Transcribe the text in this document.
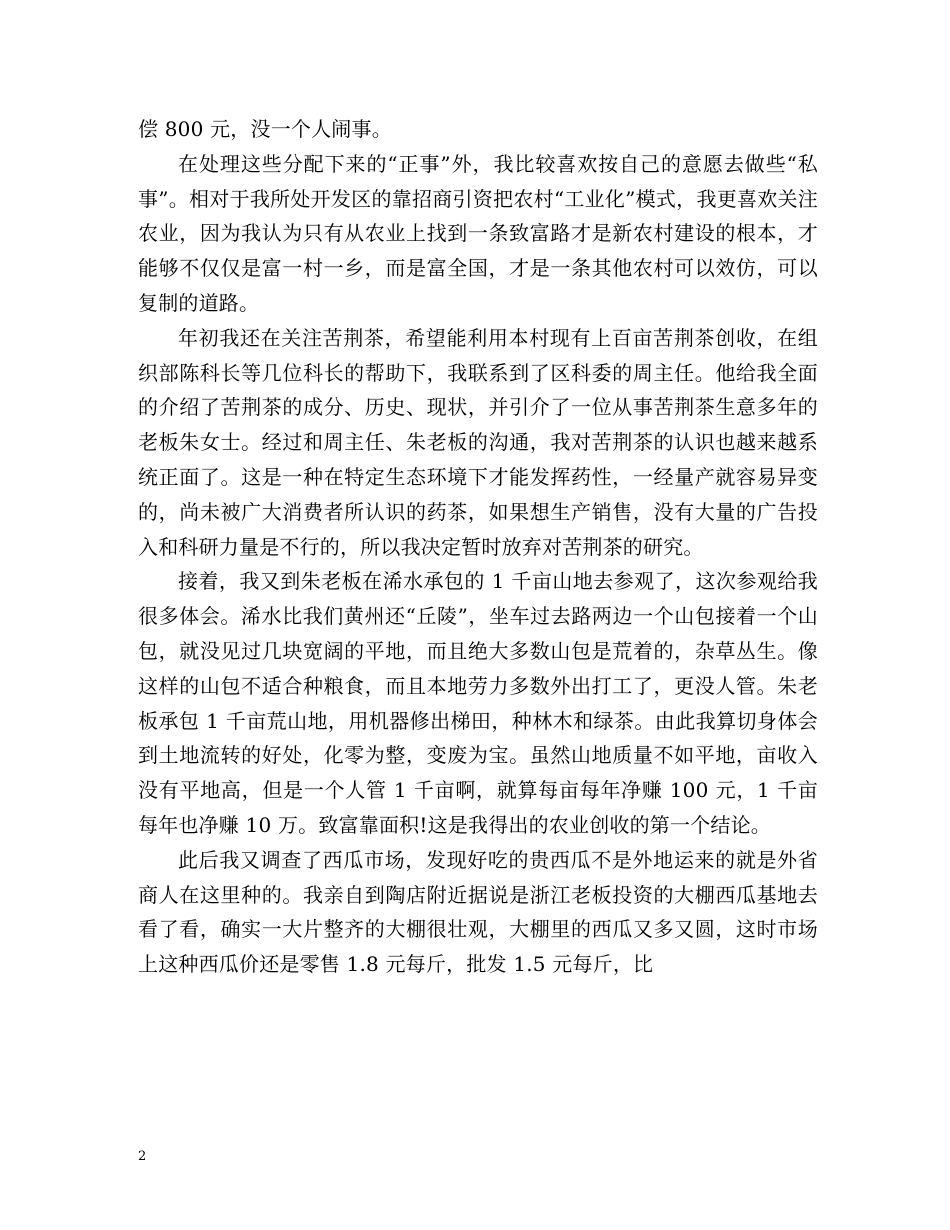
偿 800 元，没一个人闹事。

在处理这些分配下来的“正事”外，我比较喜欢按自己的意愿去做些“私事”。相对于我所处开发区的靠招商引资把农村“工业化”模式，我更喜欢关注农业，因为我认为只有从农业上找到一条致富路才是新农村建设的根本，才能够不仅仅是富一村一乡，而是富全国，才是一条其他农村可以效仿，可以复制的道路。

年初我还在关注苦荆茶，希望能利用本村现有上百亩苦荆茶创收，在组织部陈科长等几位科长的帮助下，我联系到了区科委的周主任。他给我全面的介绍了苦荆茶的成分、历史、现状，并引介了一位从事苦荆茶生意多年的老板朱女士。经过和周主任、朱老板的沟通，我对苦荆茶的认识也越来越系统正面了。这是一种在特定生态环境下才能发挥药性，一经量产就容易异变的，尚未被广大消费者所认识的药茶，如果想生产销售，没有大量的广告投入和科研力量是不行的，所以我决定暂时放弃对苦荆茶的研究。

接着，我又到朱老板在浠水承包的 1 千亩山地去参观了，这次参观给我很多体会。浠水比我们黄州还“丘陵”，坐车过去路两边一个山包接着一个山包，就没见过几块宽阔的平地，而且绝大多数山包是荒着的，杂草丛生。像这样的山包不适合种粮食，而且本地劳力多数外出打工了，更没人管。朱老板承包 1 千亩荒山地，用机器修出梯田，种林木和绿茶。由此我算切身体会到土地流转的好处，化零为整，变废为宝。虽然山地质量不如平地，亩收入没有平地高，但是一个人管 1 千亩啊，就算每亩每年净赚 100 元，1 千亩每年也净赚 10 万。致富靠面积!这是我得出的农业创收的第一个结论。

此后我又调查了西瓜市场，发现好吃的贵西瓜不是外地运来的就是外省商人在这里种的。我亲自到陶店附近据说是浙江老板投资的大棚西瓜基地去看了看，确实一大片整齐的大棚很壮观，大棚里的西瓜又多又圆，这时市场上这种西瓜价还是零售 1.8 元每斤，批发 1.5 元每斤，比

2
